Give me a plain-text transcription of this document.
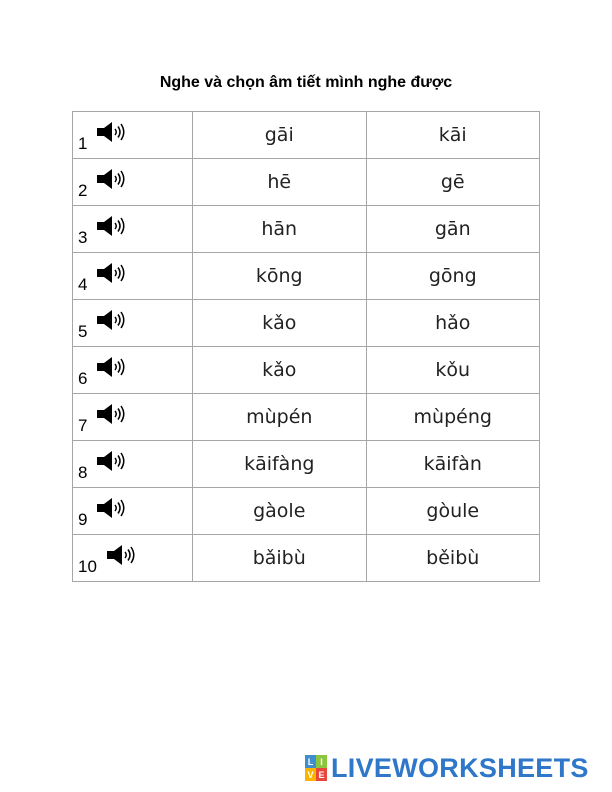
Nghe và chọn âm tiết mình nghe được
1	gāi	kāi

2	hē	gē

3	hān	gān

4	kōng	gōng

5	kǎo	hǎo

6	kǎo	kǒu

7	mùpén	mùpéng

8	kāifàng	kāifàn

9	gàole	gòule

10	bǎibù	běibù
L I
V E LIVEWORKSHEETS
